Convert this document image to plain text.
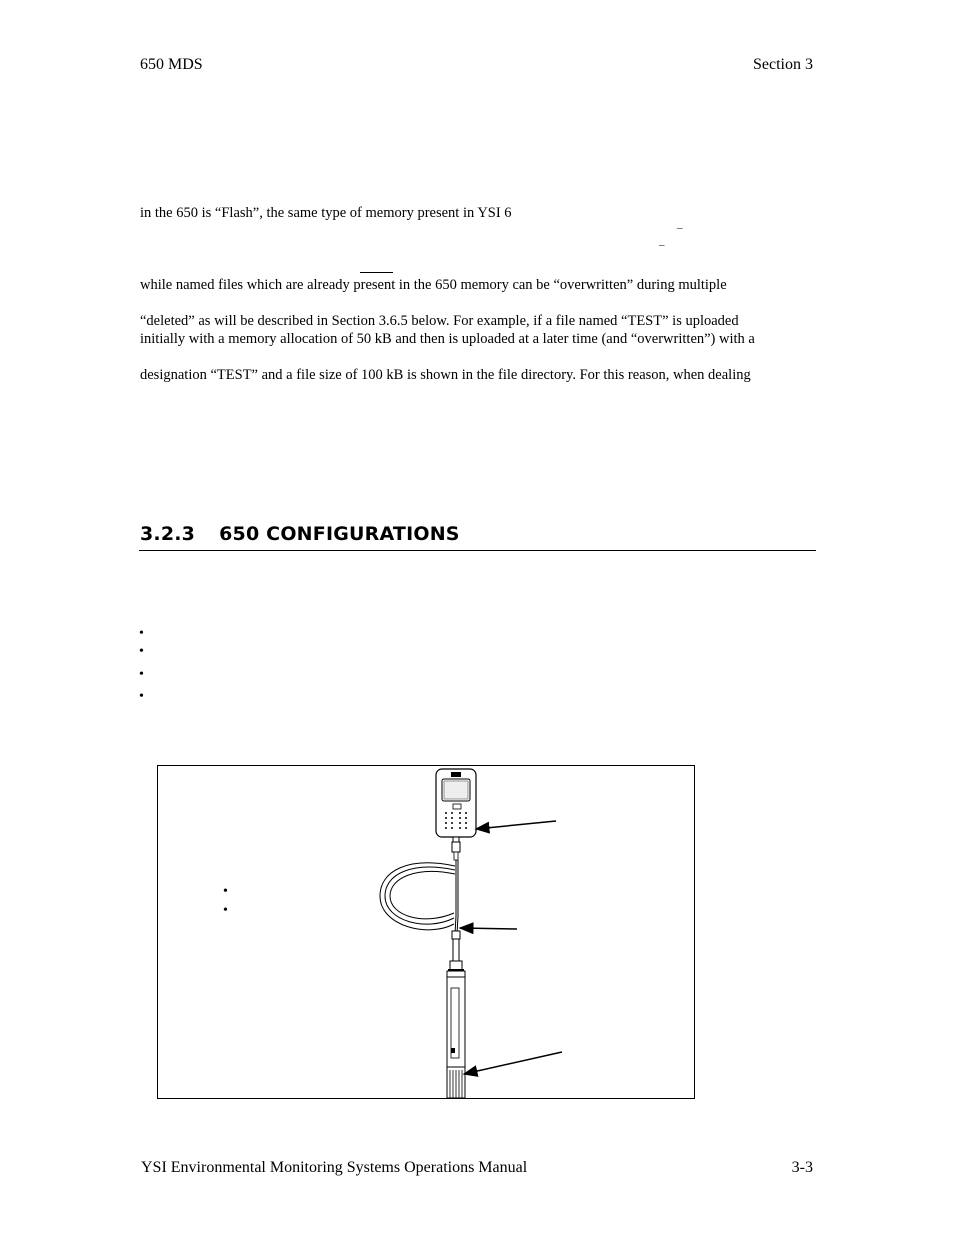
650 MDS	Section 3
in the 650 is “Flash”, the same type of memory present in YSI 6
–
–
while named files which are already present in the 650 memory can be “overwritten” during multiple
“deleted” as will be described in Section 3.6.5 below. For example, if a file named “TEST” is uploaded
initially with a memory allocation of 50 kB and then is uploaded at a later time (and “overwritten”) with a
designation “TEST” and a file size of 100 kB is shown in the file directory. For this reason, when dealing
3.2.3 650 CONFIGURATIONS
•
•
•
•
•
•
YSI Environmental Monitoring Systems Operations Manual	3-3
